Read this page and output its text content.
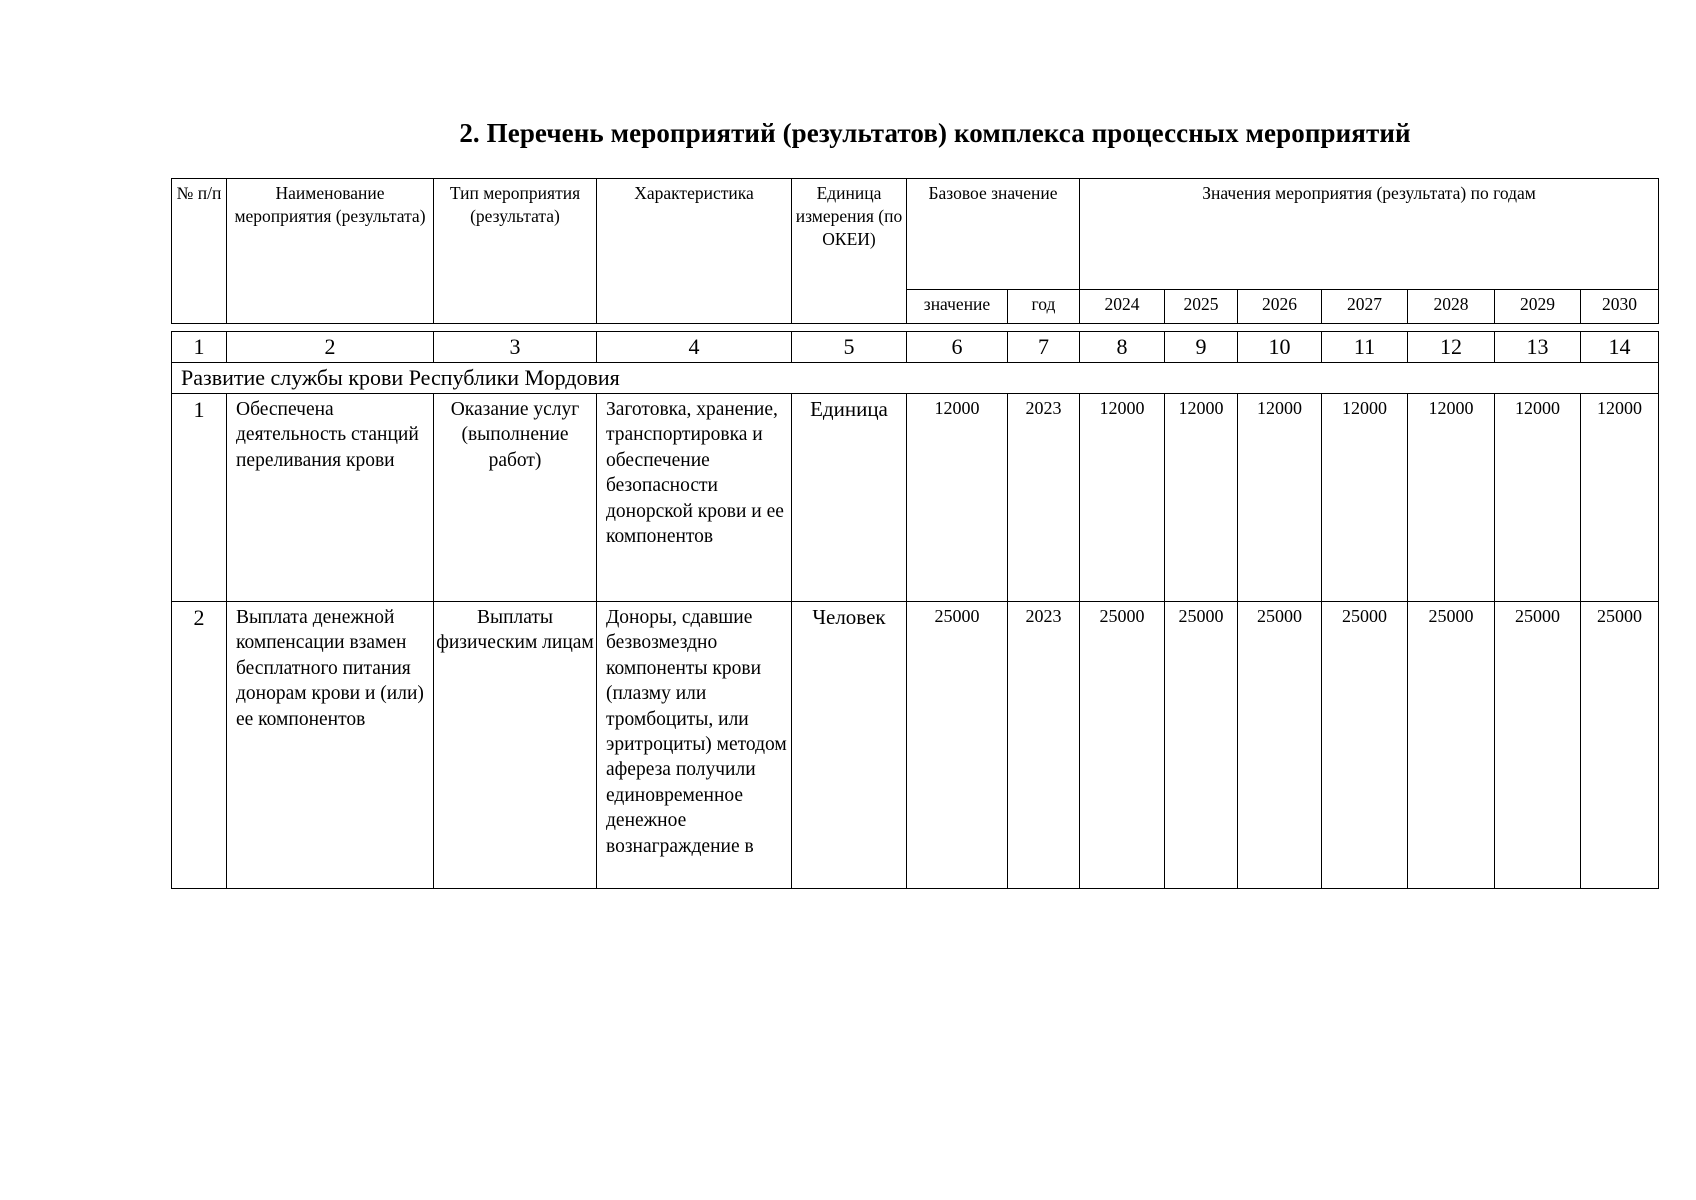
2. Перечень мероприятий (результатов) комплекса процессных мероприятий
№ п/п	Наименование мероприятия (результата)	Тип мероприятия (результата)	Характеристика	Единица измерения (по ОКЕИ)	Базовое значение		Значения мероприятия (результата) по годам						
					значение	год	2024	2025	2026	2027	2028	2029	2030
1	2	3	4	5	6	7	8	9	10	11	12	13	14
Развитие службы крови Республики Мордовия													
1	Обеспечена деятельность станций переливания крови	Оказание услуг (выполнение работ)	Заготовка, хранение, транспортировка и обеспечение безопасности донорской крови и ее компонентов	Единица	12000	2023	12000	12000	12000	12000	12000	12000	12000
2	Выплата денежной компенсации взамен бесплатного питания донорам крови и (или) ее компонентов	Выплаты физическим лицам	Доноры, сдавшие безвозмездно компоненты крови (плазму или тромбоциты, или эритроциты) методом афереза получили единовременное денежное вознаграждение в	Человек	25000	2023	25000	25000	25000	25000	25000	25000	25000
